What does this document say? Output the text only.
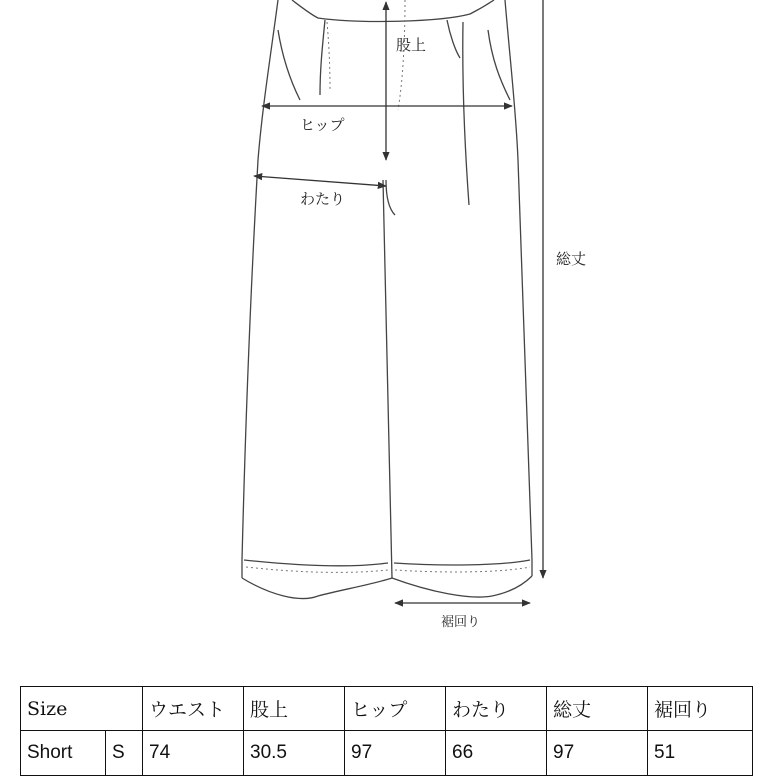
股上
ヒップ
わたり
総丈
裾回り
Size	ウエスト	股上	ヒップ	わたり	総丈	裾回り

Short S	74	30.5	97	66	97	51
